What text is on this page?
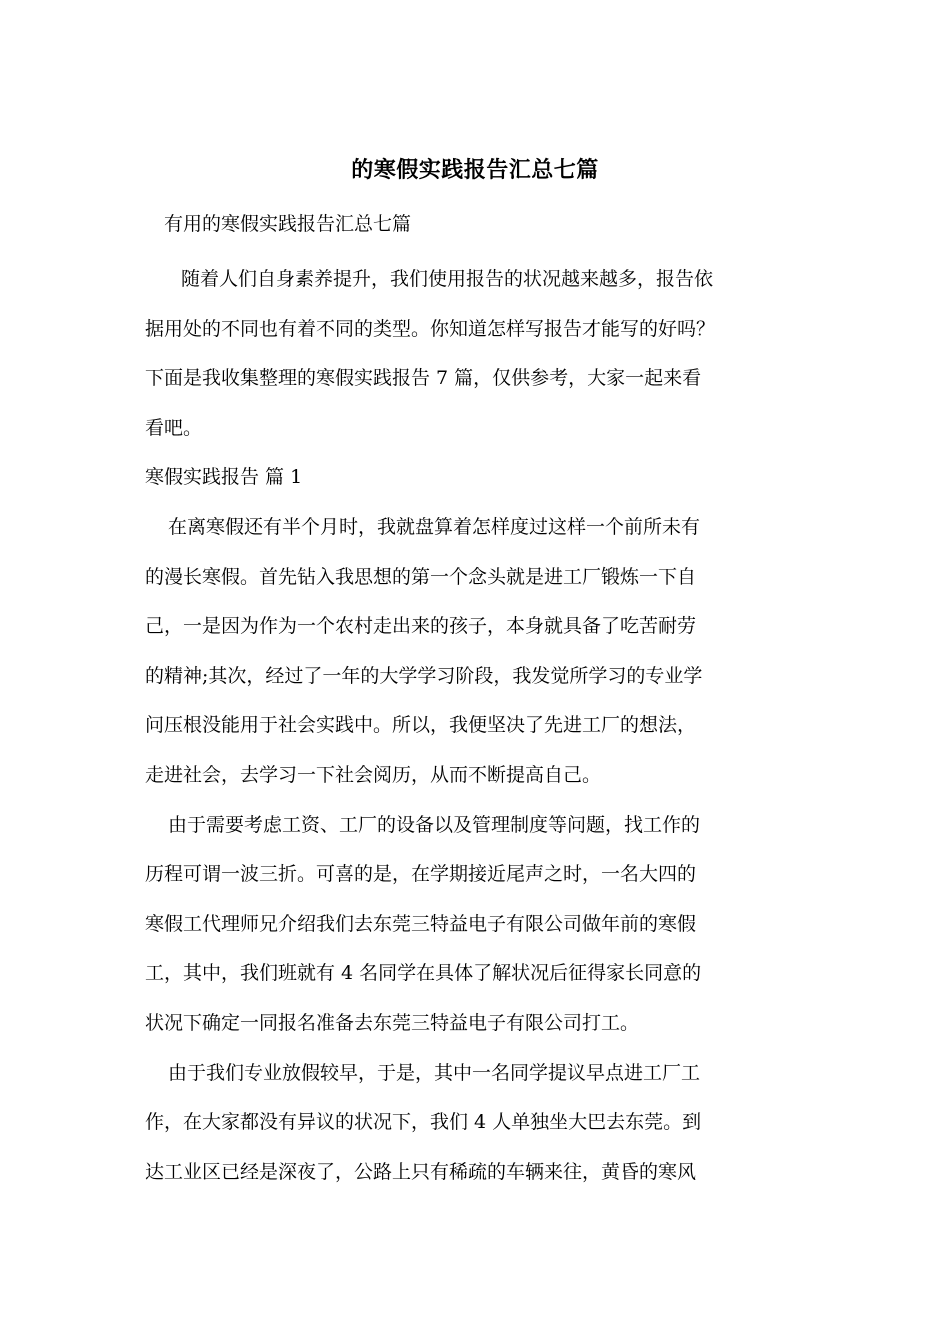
的寒假实践报告汇总七篇
有用的寒假实践报告汇总七篇
随着人们自身素养提升，我们使用报告的状况越来越多，报告依
据用处的不同也有着不同的类型。你知道怎样写报告才能写的好吗？
下面是我收集整理的寒假实践报告 7 篇，仅供参考，大家一起来看
看吧。
寒假实践报告 篇 1
在离寒假还有半个月时，我就盘算着怎样度过这样一个前所未有
的漫长寒假。首先钻入我思想的第一个念头就是进工厂锻炼一下自
己，一是因为作为一个农村走出来的孩子，本身就具备了吃苦耐劳
的精神;其次，经过了一年的大学学习阶段，我发觉所学习的专业学
问压根没能用于社会实践中。所以，我便坚决了先进工厂的想法，
走进社会，去学习一下社会阅历，从而不断提高自己。
由于需要考虑工资、工厂的设备以及管理制度等问题，找工作的
历程可谓一波三折。可喜的是，在学期接近尾声之时，一名大四的
寒假工代理师兄介绍我们去东莞三特益电子有限公司做年前的寒假
工，其中，我们班就有 4 名同学在具体了解状况后征得家长同意的
状况下确定一同报名准备去东莞三特益电子有限公司打工。
由于我们专业放假较早，于是，其中一名同学提议早点进工厂工
作，在大家都没有异议的状况下，我们 4 人单独坐大巴去东莞。到
达工业区已经是深夜了，公路上只有稀疏的车辆来往，黄昏的寒风
